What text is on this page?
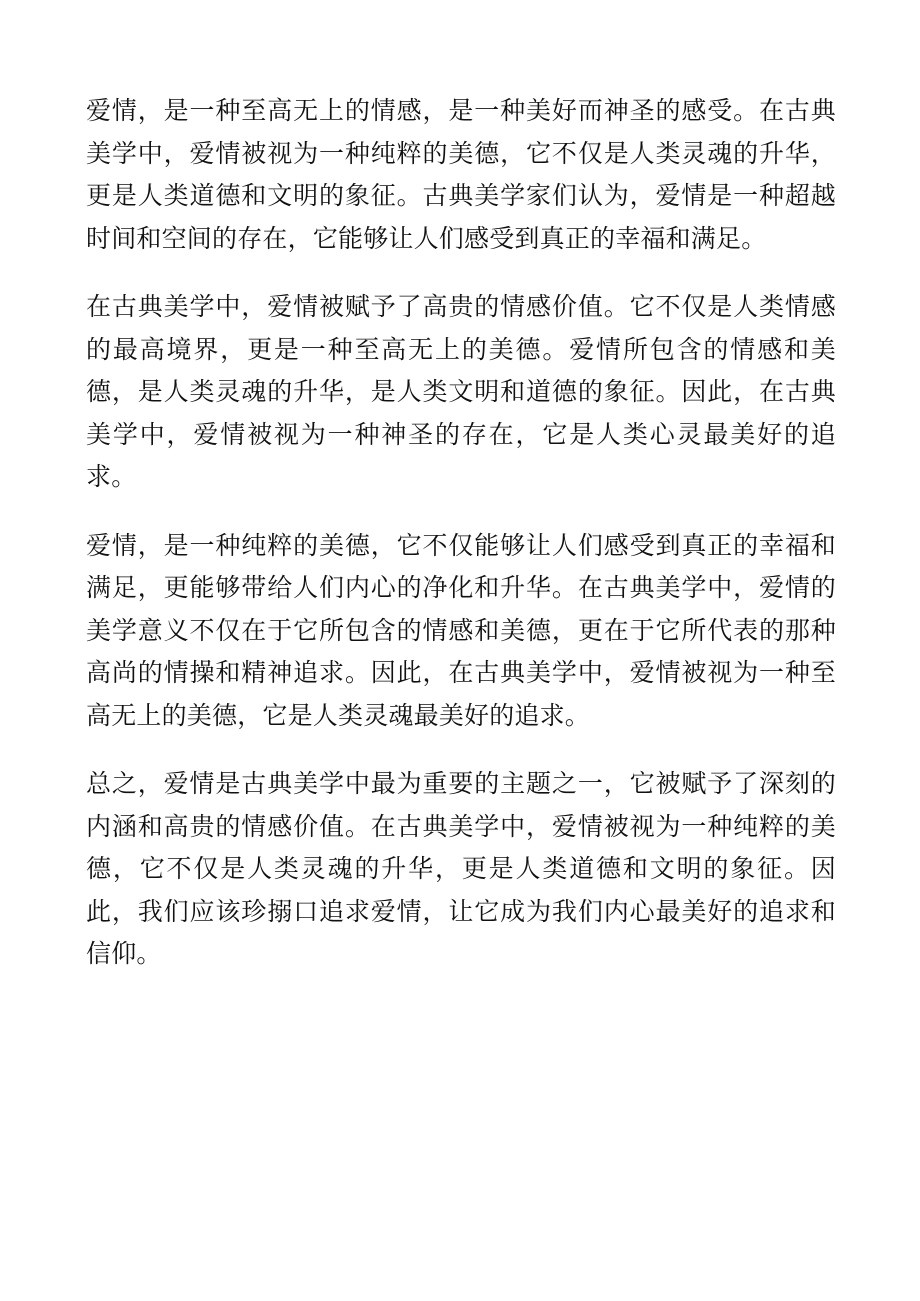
爱情，是一种至高无上的情感，是一种美好而神圣的感受。在古典美学中，爱情被视为一种纯粹的美德，它不仅是人类灵魂的升华，更是人类道德和文明的象征。古典美学家们认为，爱情是一种超越时间和空间的存在，它能够让人们感受到真正的幸福和满足。

在古典美学中，爱情被赋予了高贵的情感价值。它不仅是人类情感的最高境界，更是一种至高无上的美德。爱情所包含的情感和美德，是人类灵魂的升华，是人类文明和道德的象征。因此，在古典美学中，爱情被视为一种神圣的存在，它是人类心灵最美好的追求。

爱情，是一种纯粹的美德，它不仅能够让人们感受到真正的幸福和满足，更能够带给人们内心的净化和升华。在古典美学中，爱情的美学意义不仅在于它所包含的情感和美德，更在于它所代表的那种高尚的情操和精神追求。因此，在古典美学中，爱情被视为一种至高无上的美德，它是人类灵魂最美好的追求。

总之，爱情是古典美学中最为重要的主题之一，它被赋予了深刻的内涵和高贵的情感价值。在古典美学中，爱情被视为一种纯粹的美德，它不仅是人类灵魂的升华，更是人类道德和文明的象征。因此，我们应该珍搦口追求爱情，让它成为我们内心最美好的追求和信仰。
